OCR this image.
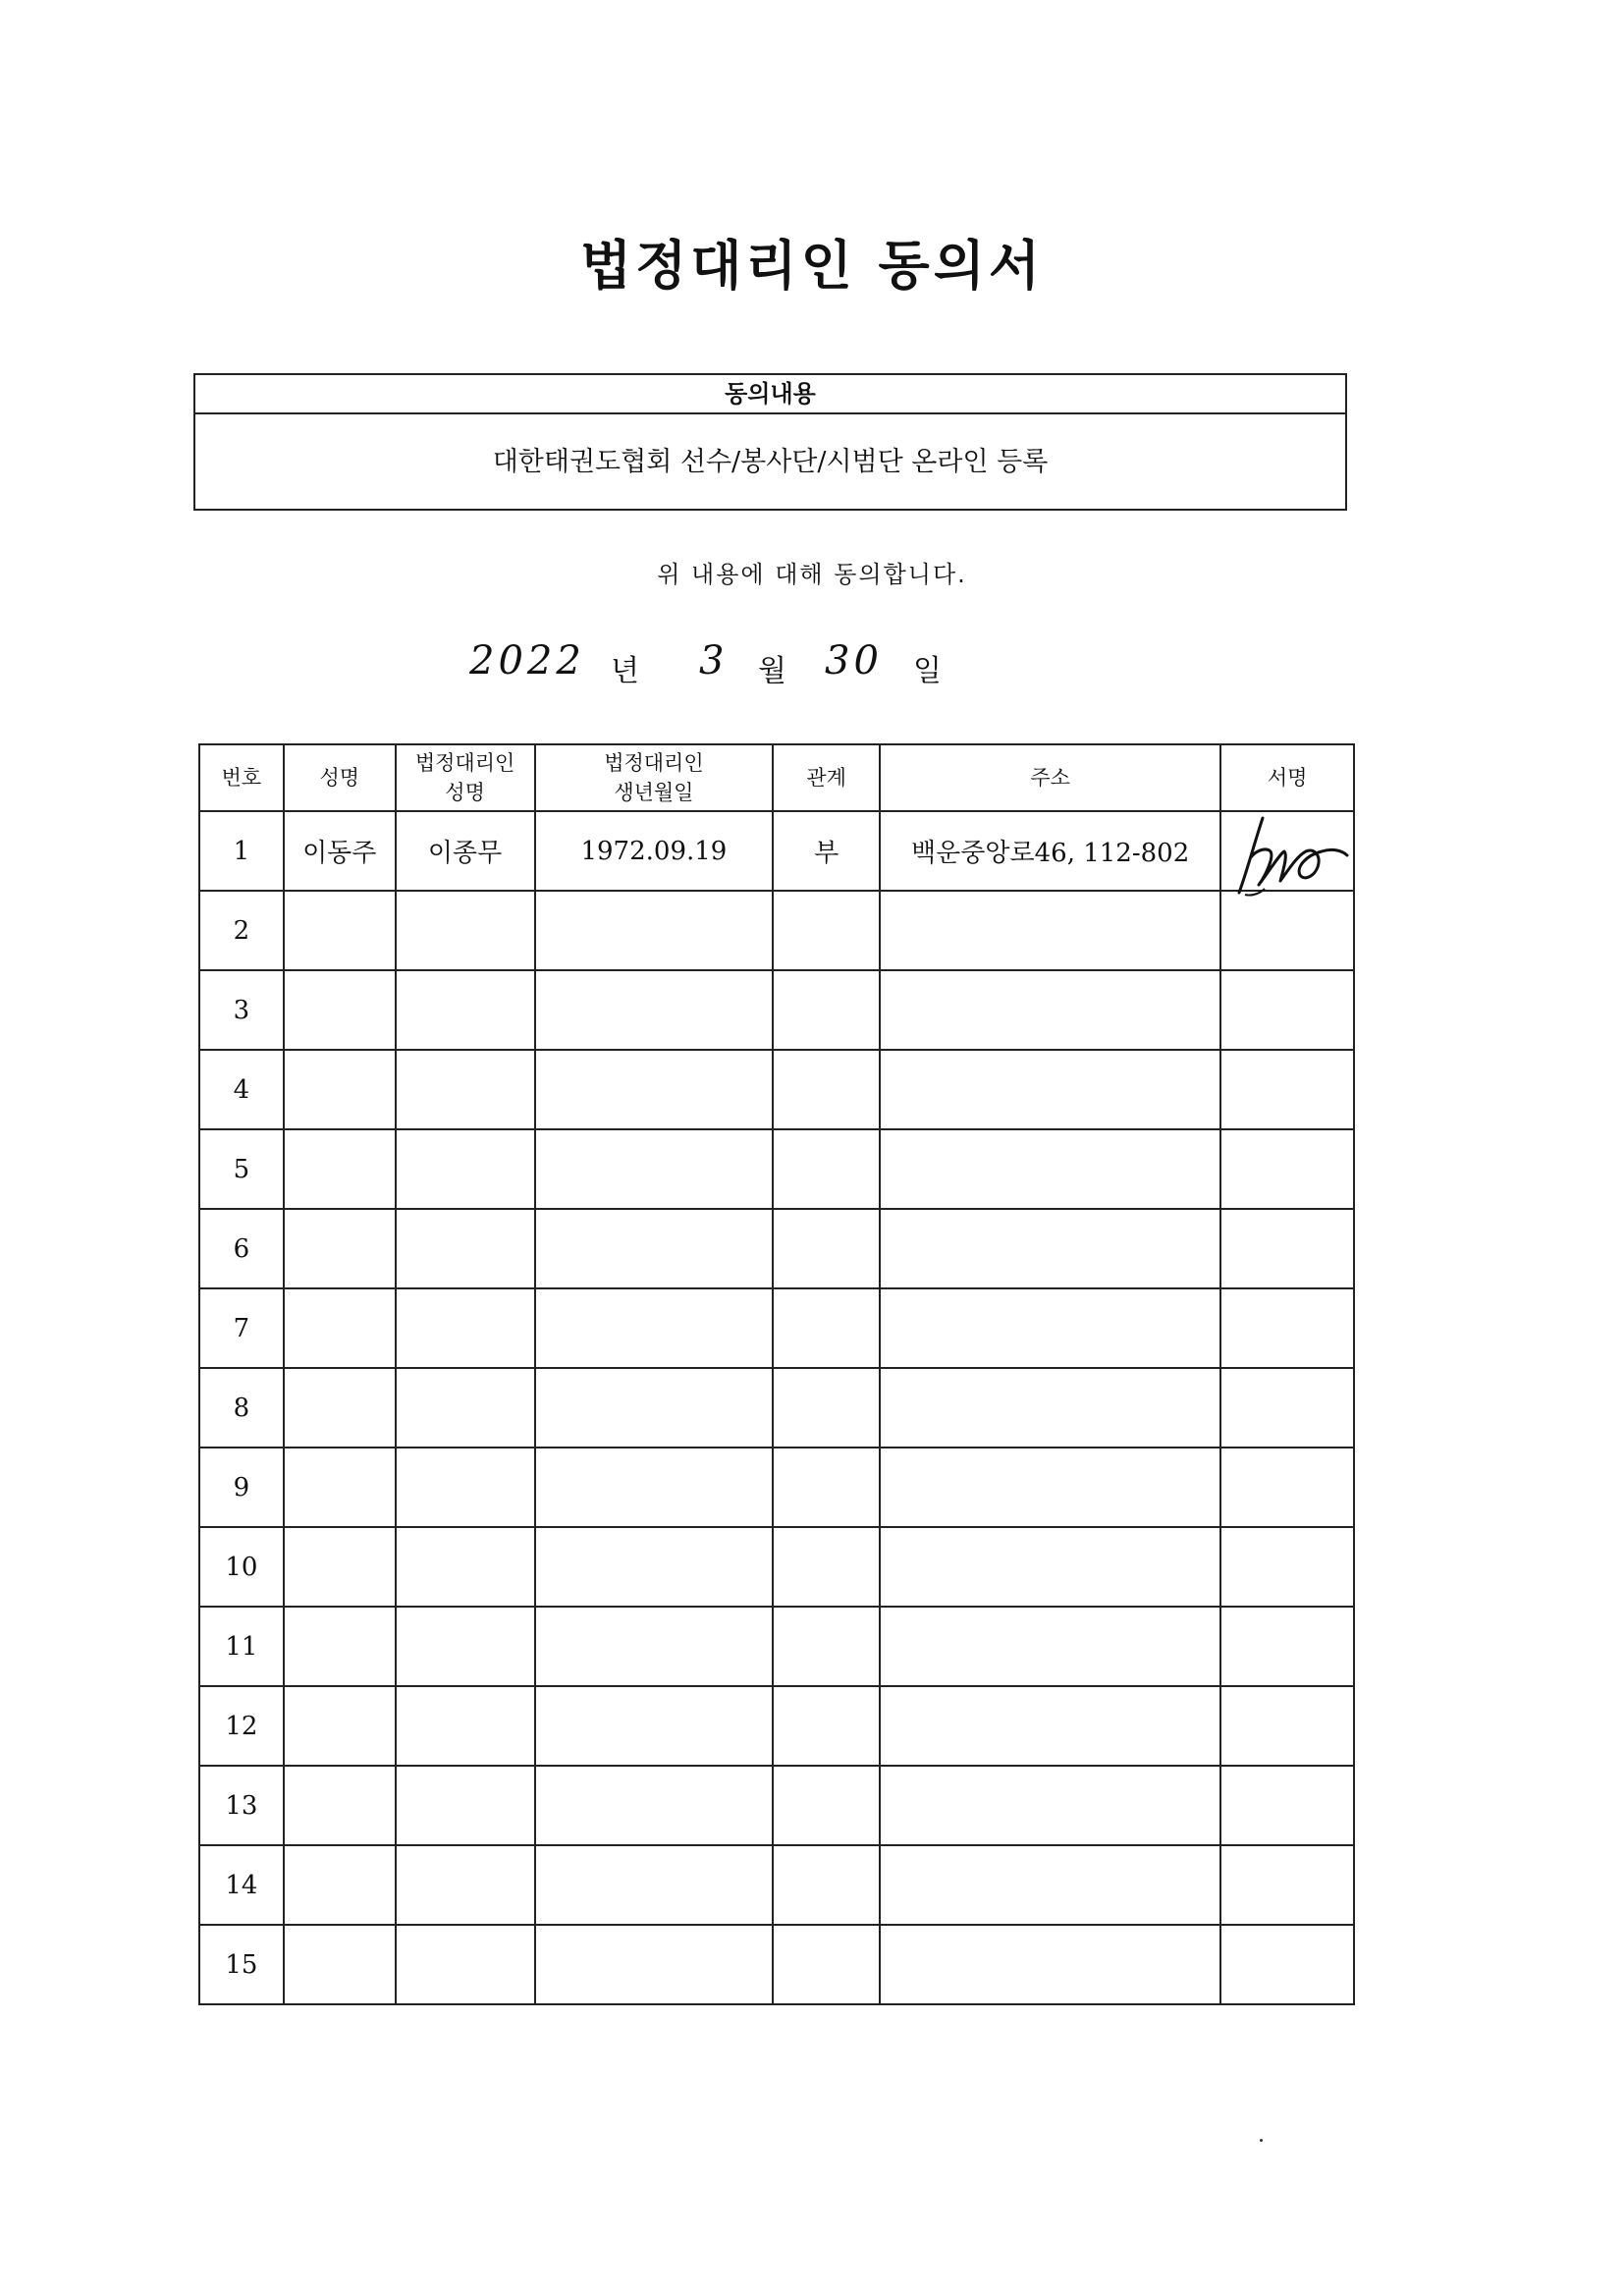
법정대리인 동의서
동의내용
대한태권도협회 선수/봉사단/시범단 온라인 등록
위 내용에 대해 동의합니다.
2022 년 3 월 30 일
번호	성명	법정대리인 성명	법정대리인 생년월일	관계	주소	서명
1	이동주	이종무	1972.09.19	부	백운중앙로46, 112-802	

2						
3						
4						
5						
6						
7						
8						
9						
10						
11						
12						
13						
14						
15						
